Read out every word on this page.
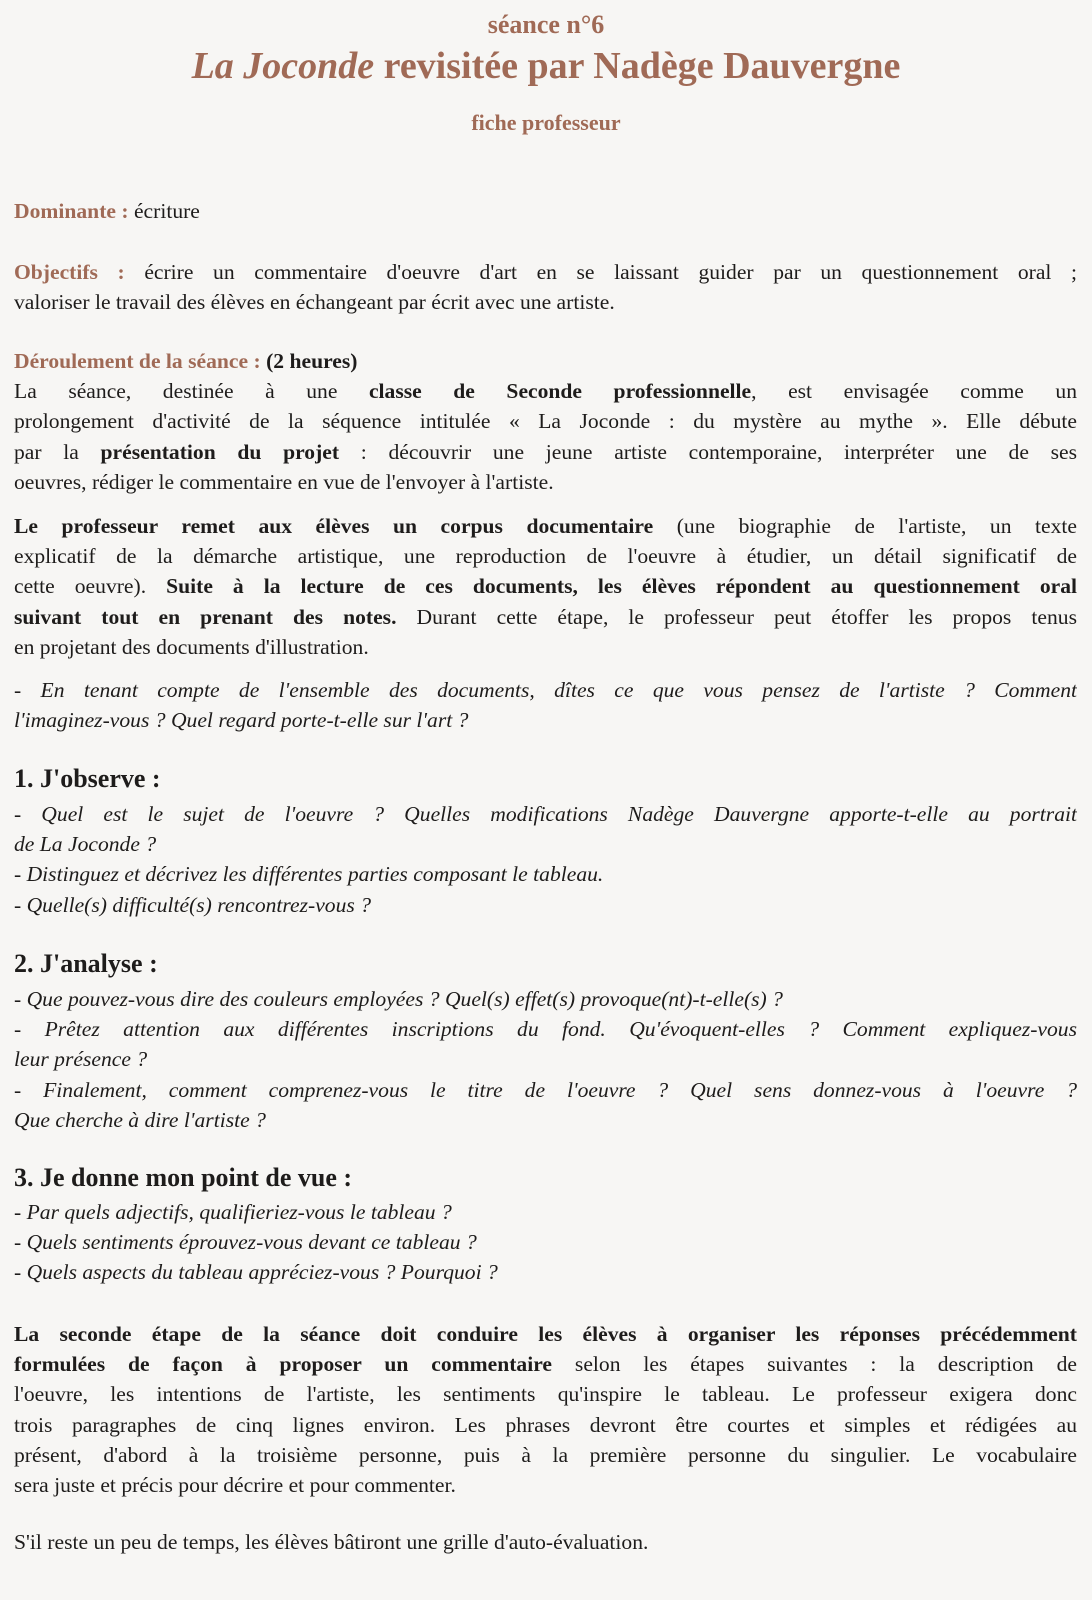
séance n°6
La Joconde revisitée par Nadège Dauvergne
fiche professeur
Dominante : écriture
Objectifs : écrire un commentaire d'oeuvre d'art en se laissant guider par un questionnement oral ;
valoriser le travail des élèves en échangeant par écrit avec une artiste.
Déroulement de la séance : (2 heures)
La séance, destinée à une classe de Seconde professionnelle, est envisagée comme un
prolongement d'activité de la séquence intitulée « La Joconde : du mystère au mythe ». Elle débute
par la présentation du projet : découvrir une jeune artiste contemporaine, interpréter une de ses
oeuvres, rédiger le commentaire en vue de l'envoyer à l'artiste.
Le professeur remet aux élèves un corpus documentaire (une biographie de l'artiste, un texte
explicatif de la démarche artistique, une reproduction de l'oeuvre à étudier, un détail significatif de
cette oeuvre). Suite à la lecture de ces documents, les élèves répondent au questionnement oral
suivant tout en prenant des notes. Durant cette étape, le professeur peut étoffer les propos tenus
en projetant des documents d'illustration.
- En tenant compte de l'ensemble des documents, dîtes ce que vous pensez de l'artiste ? Comment
l'imaginez-vous ? Quel regard porte-t-elle sur l'art ?
1. J'observe :
- Quel est le sujet de l'oeuvre ? Quelles modifications Nadège Dauvergne apporte-t-elle au portrait
de La Joconde ?
- Distinguez et décrivez les différentes parties composant le tableau.
- Quelle(s) difficulté(s) rencontrez-vous ?
2. J'analyse :
- Que pouvez-vous dire des couleurs employées ? Quel(s) effet(s) provoque(nt)-t-elle(s) ?
- Prêtez attention aux différentes inscriptions du fond. Qu'évoquent-elles ? Comment expliquez-vous
leur présence ?
- Finalement, comment comprenez-vous le titre de l'oeuvre ? Quel sens donnez-vous à l'oeuvre ?
Que cherche à dire l'artiste ?
3. Je donne mon point de vue :
- Par quels adjectifs, qualifieriez-vous le tableau ?
- Quels sentiments éprouvez-vous devant ce tableau ?
- Quels aspects du tableau appréciez-vous ? Pourquoi ?
La seconde étape de la séance doit conduire les élèves à organiser les réponses précédemment
formulées de façon à proposer un commentaire selon les étapes suivantes : la description de
l'oeuvre, les intentions de l'artiste, les sentiments qu'inspire le tableau. Le professeur exigera donc
trois paragraphes de cinq lignes environ. Les phrases devront être courtes et simples et rédigées au
présent, d'abord à la troisième personne, puis à la première personne du singulier. Le vocabulaire
sera juste et précis pour décrire et pour commenter.
S'il reste un peu de temps, les élèves bâtiront une grille d'auto-évaluation.
